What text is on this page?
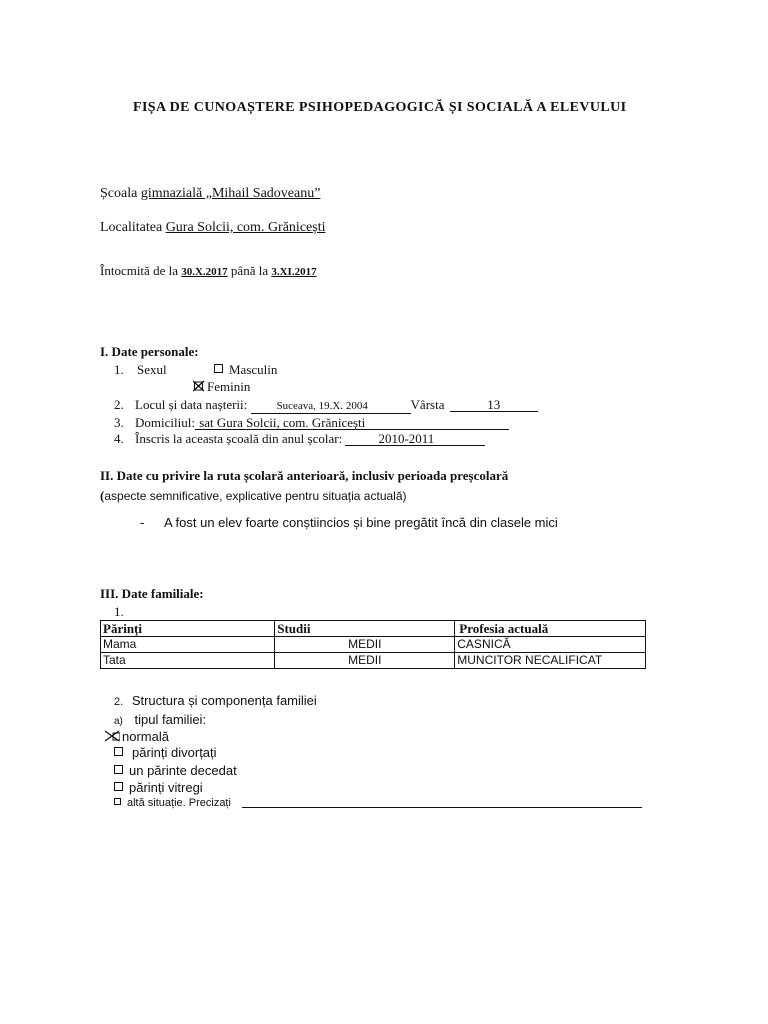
FIȘA DE CUNOAȘTERE PSIHOPEDAGOGICĂ ȘI SOCIALĂ A ELEVULUI
Școala gimnazială „Mihail Sadoveanu”
Localitatea Gura Solcii, com. Grănicești
Întocmită de la 30.X.2017 până la 3.XI.2017
I. Date personale:
1. Sexul	Masculin
Feminin
2. Locul și data nașterii:	Suceava, 19.X. 2004	Vârsta	13
3. Domiciliul: sat Gura Solcii, com. Grănicești
4. Înscris la aceasta școală din anul școlar:	2010-2011
II. Date cu privire la ruta școlară anterioară, inclusiv perioada preșcolară
(aspecte semnificative, explicative pentru situația actuală)
- A fost un elev foarte conștiincios și bine pregătit încă din clasele mici
III. Date familiale:
1.
Părinți	Studii	Profesia actuală
Mama	MEDII	CASNICĂ
Tata	MEDII	MUNCITOR NECALIFICAT
2. Structura și componența familiei
a) tipul familiei:
normală
părinți divorțați
un părinte decedat
părinți vitregi
altă situație. Precizați
